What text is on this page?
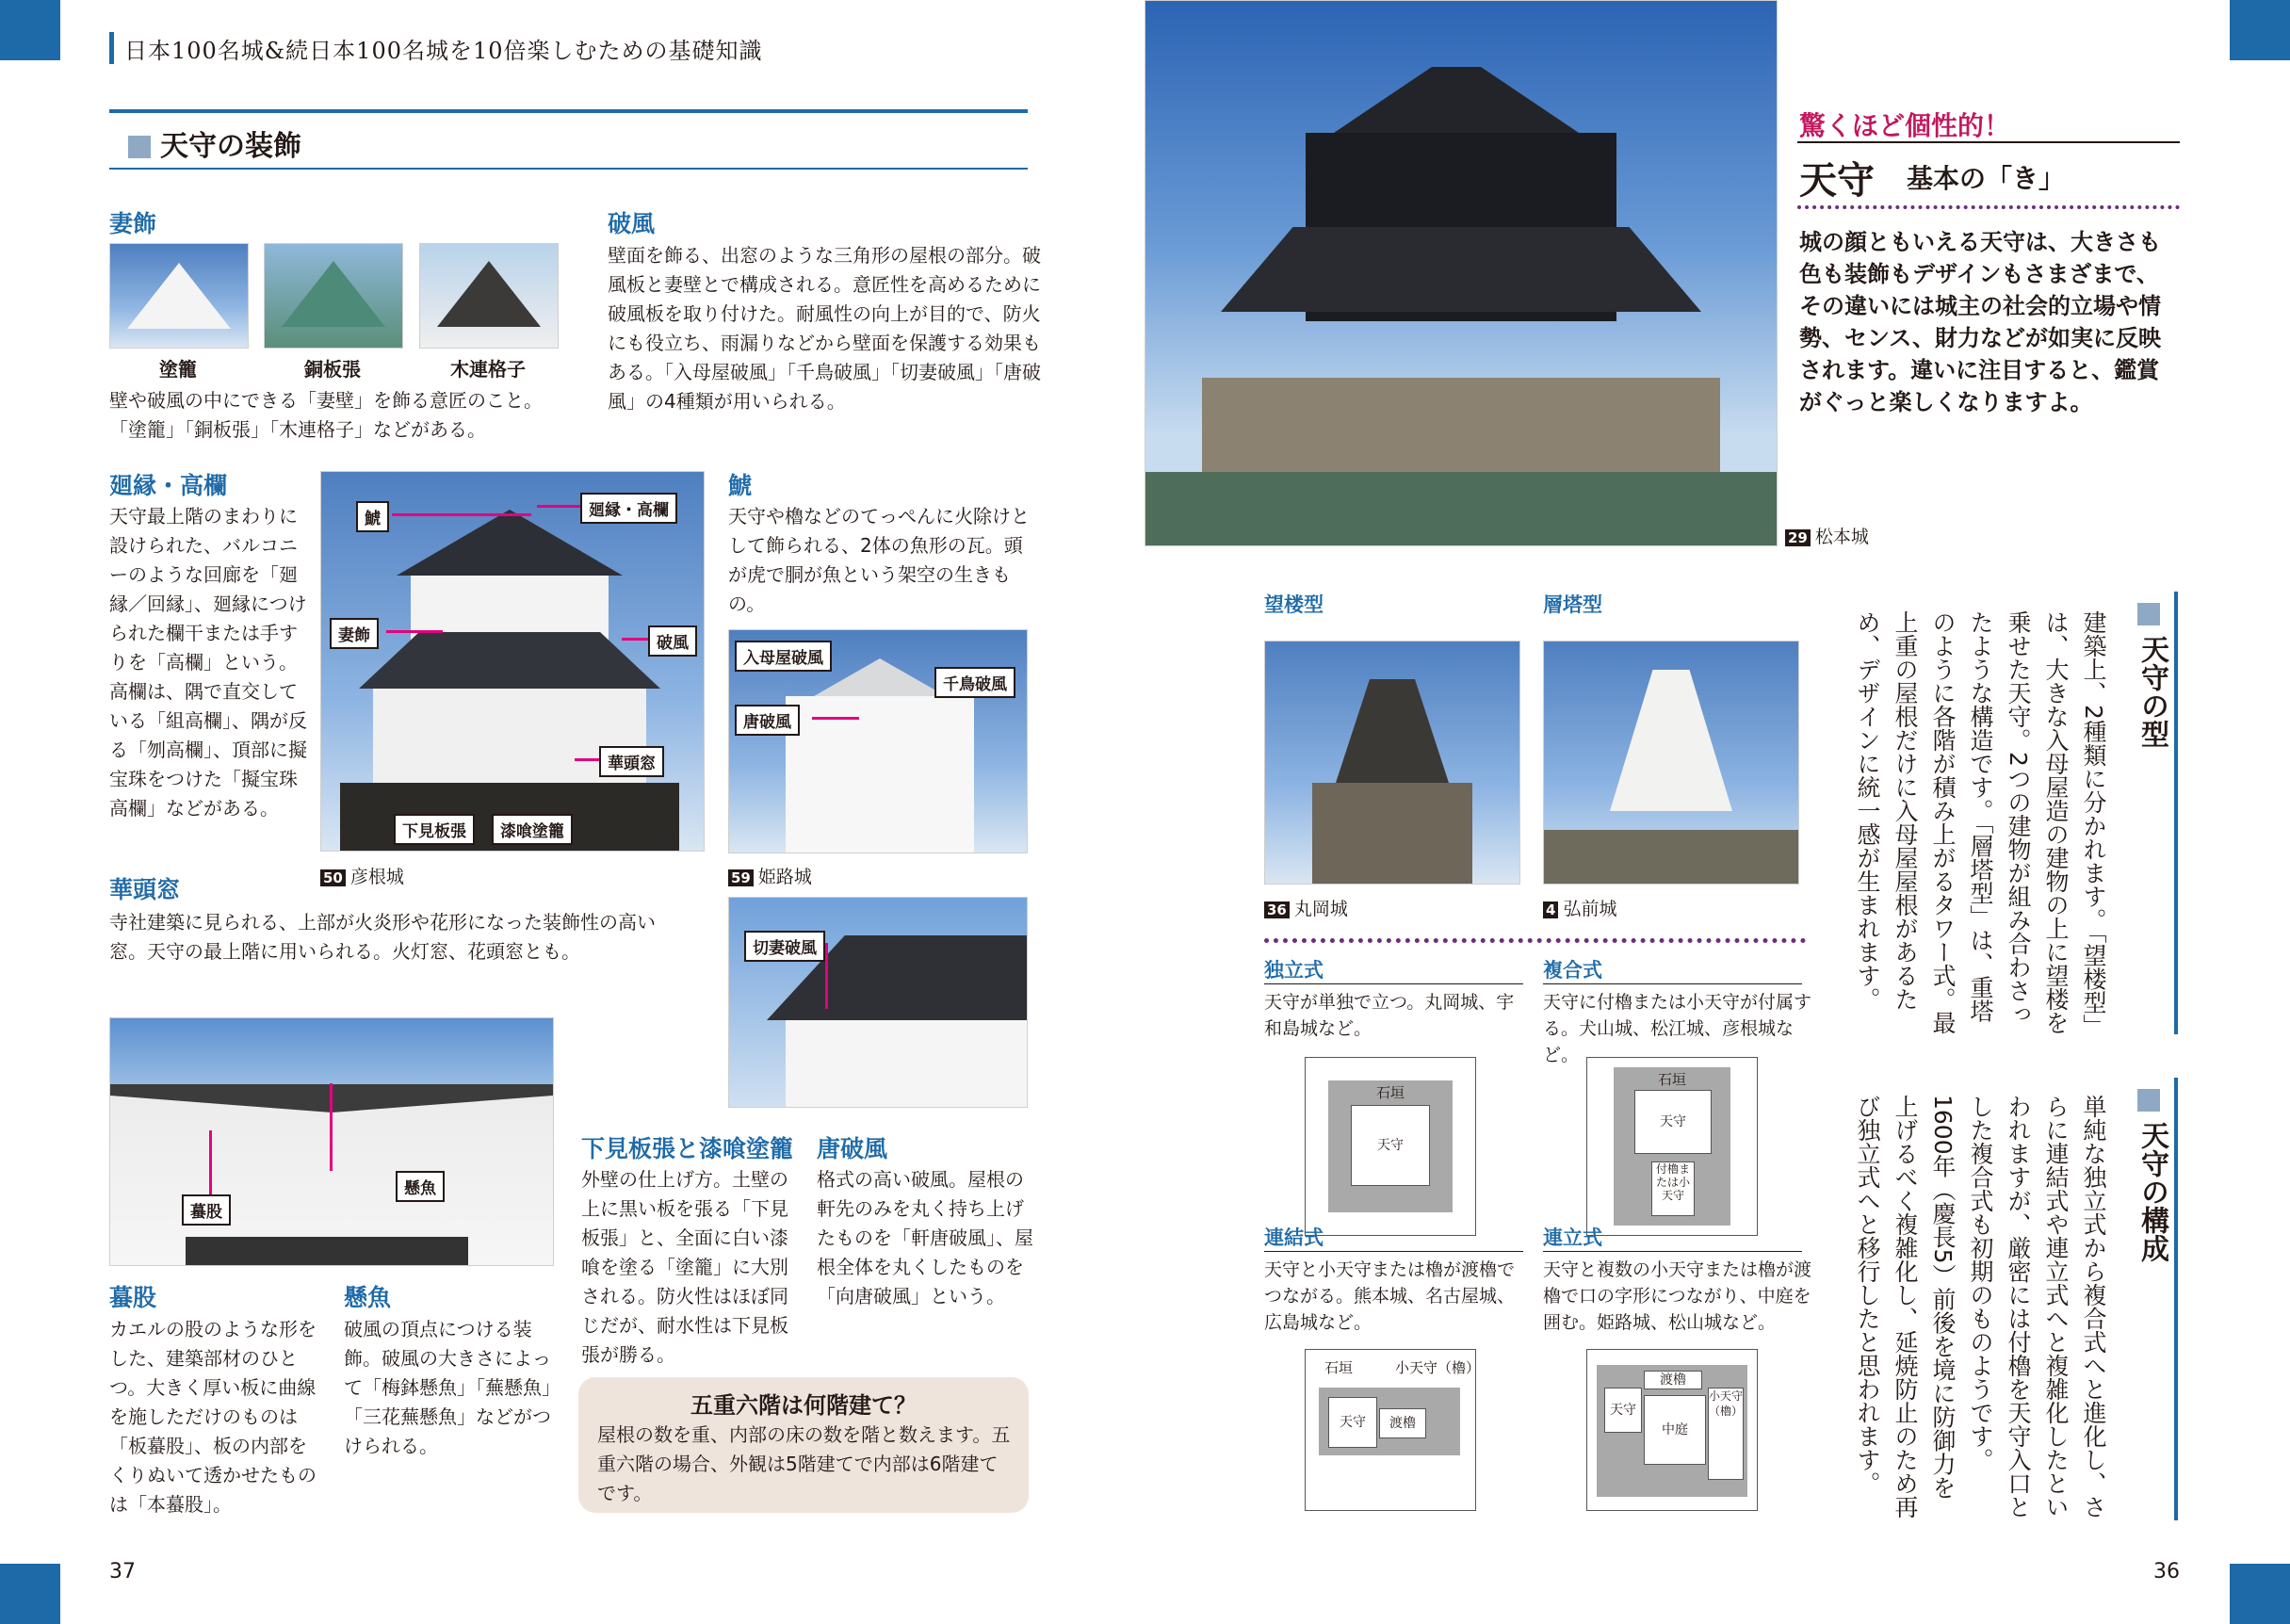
日本100名城&続日本100名城を10倍楽しむための基礎知識
天守の装飾
妻飾
塗籠	銅板張	木連格子
壁や破風の中にできる「妻壁」を飾る意匠のこと。「塗籠」「銅板張」「木連格子」などがある。
破風
壁面を飾る、出窓のような三角形の屋根の部分。破風板と妻壁とで構成される。意匠性を高めるために破風板を取り付けた。耐風性の向上が目的で、防火にも役立ち、雨漏りなどから壁面を保護する効果もある。「入母屋破風」「千鳥破風」「切妻破風」「唐破風」の4種類が用いられる。
廻縁・高欄
天守最上階のまわりに設けられた、バルコニーのような回廊を「廻縁／回縁」、廻縁につけられた欄干または手すりを「高欄」という。高欄は、隅で直交している「組高欄」、隅が反る「刎高欄」、頂部に擬宝珠をつけた「擬宝珠高欄」などがある。
鯱	廻縁・高欄
妻飾	破風
華頭窓
下見板張	漆喰塗籠
50 彦根城
鯱
天守や櫓などのてっぺんに火除けとして飾られる、2体の魚形の瓦。頭が虎で胴が魚という架空の生きもの。
入母屋破風
千鳥破風
唐破風
59 姫路城
切妻破風
華頭窓
寺社建築に見られる、上部が火炎形や花形になった装飾性の高い窓。天守の最上階に用いられる。火灯窓、花頭窓とも。
蟇股
懸魚
蟇股
カエルの股のような形をした、建築部材のひとつ。大きく厚い板に曲線を施しただけのものは「板蟇股」、板の内部をくりぬいて透かせたものは「本蟇股」。
懸魚
破風の頂点につける装飾。破風の大きさによって「梅鉢懸魚」「蕪懸魚」「三花蕪懸魚」などがつけられる。
下見板張と漆喰塗籠
外壁の仕上げ方。土壁の上に黒い板を張る「下見板張」と、全面に白い漆喰を塗る「塗籠」に大別される。防火性はほぼ同じだが、耐水性は下見板張が勝る。
唐破風
格式の高い破風。屋根の軒先のみを丸く持ち上げたものを「軒唐破風」、屋根全体を丸くしたものを「向唐破風」という。
五重六階は何階建て？
屋根の数を重、内部の床の数を階と数えます。五重六階の場合、外観は5階建てで内部は6階建てです。
37
29 松本城
驚くほど個性的！
天守 基本の「き」
城の顔ともいえる天守は、大きさも色も装飾もデザインもさまざまで、その違いには城主の社会的立場や情勢、センス、財力などが如実に反映されます。違いに注目すると、鑑賞がぐっと楽しくなりますよ。
望楼型	層塔型
36 丸岡城	4 弘前城
独立式
天守が単独で立つ。丸岡城、宇和島城など。
石垣
天守
複合式
天守に付櫓または小天守が付属する。犬山城、松江城、彦根城など。
石垣
天守
付櫓または小天守
連結式
天守と小天守または櫓が渡櫓でつながる。熊本城、名古屋城、広島城など。
石垣	小天守（櫓）
天守	渡櫓
連立式
天守と複数の小天守または櫓が渡櫓で口の字形につながり、中庭を囲む。姫路城、松山城など。
渡櫓
天守
中庭
小天守（櫓）
天守の型
建築上、2種類に分かれます。「望楼型」は、大きな入母屋造の建物の上に望楼を乗せた天守。2つの建物が組み合わさったような構造です。「層塔型」は、重塔のように各階が積み上がるタワー式。最上重の屋根だけに入母屋屋根があるため、デザインに統一感が生まれます。
天守の構成
単純な独立式から複合式へと進化し、さらに連結式や連立式へと複雑化したといわれますが、厳密には付櫓を天守入口とした複合式も初期のものようです。1600年（慶長5）前後を境に防御力を上げるべく複雑化し、延焼防止のため再び独立式へと移行したと思われます。
36
